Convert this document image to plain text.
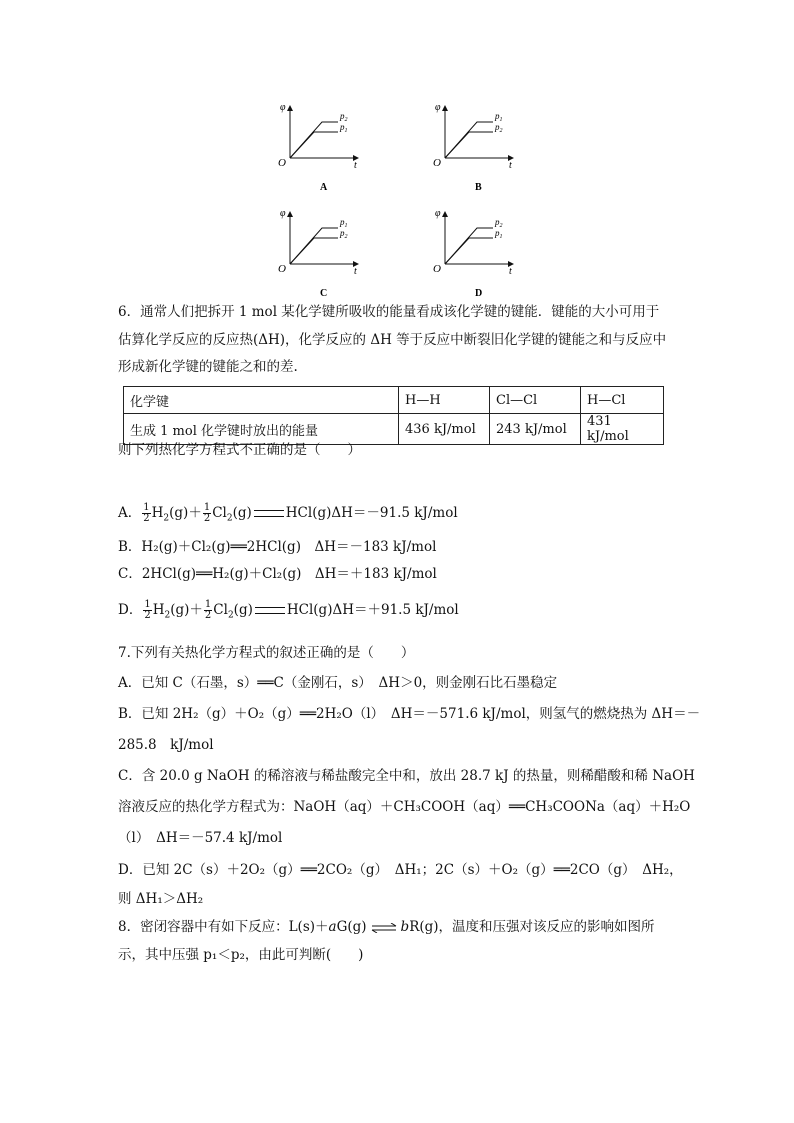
φ
O	t
$p_2$
$p_1$
A
φ
O	t
$p_1$
$p_2$
B
φ
O	t
$p_1$
$p_2$
C
φ
O	t
$p_2$
$p_1$
D
6．通常人们把拆开 1 mol 某化学键所吸收的能量看成该化学键的键能．键能的大小可用于
估算化学反应的反应热(ΔH)，化学反应的 ΔH 等于反应中断裂旧化学键的键能之和与反应中
形成新化学键的键能之和的差.
化学键	H—H	Cl—Cl	H—Cl
生成 1 mol 化学键时放出的能量	436 kJ/mol	243 kJ/mol	431 kJ/mol
则下列热化学方程式不正确的是（　　）
A． $\frac{1}{2} H_2(g)+ \frac{1}{2} Cl_2(g)$	HCl(g)ΔH＝－91.5 kJ/mol
B．H₂(g)＋Cl₂(g)══2HCl(g)　ΔH＝－183 kJ/mol
C．2HCl(g)══H₂(g)＋Cl₂(g)　ΔH＝＋183 kJ/mol
D． $\frac{1}{2} H_2(g)+ \frac{1}{2} Cl_2(g)$	HCl(g)ΔH＝＋91.5 kJ/mol
7.下列有关热化学方程式的叙述正确的是（　　）
A．已知 C（石墨，s）══C（金刚石，s）　ΔH＞0，则金刚石比石墨稳定
B．已知 2H₂（g）＋O₂（g）══2H₂O（l）　ΔH＝－571.6 kJ/mol，则氢气的燃烧热为 ΔH＝－
285.8　kJ/mol
C．含 20.0 g NaOH 的稀溶液与稀盐酸完全中和，放出 28.7 kJ 的热量，则稀醋酸和稀 NaOH
溶液反应的热化学方程式为：NaOH（aq）＋CH₃COOH（aq）══CH₃COONa（aq）＋H₂O
（l）　ΔH＝－57.4 kJ/mol
D．已知 2C（s）＋2O₂（g）══2CO₂（g）　ΔH₁；2C（s）＋O₂（g）══2CO（g）　ΔH₂，
则 ΔH₁＞ΔH₂
8．密闭容器中有如下反应：L(s)＋aG(g) ⇌ bR(g)，温度和压强对该反应的影响如图所
示，其中压强 p₁＜p₂，由此可判断(　　)
